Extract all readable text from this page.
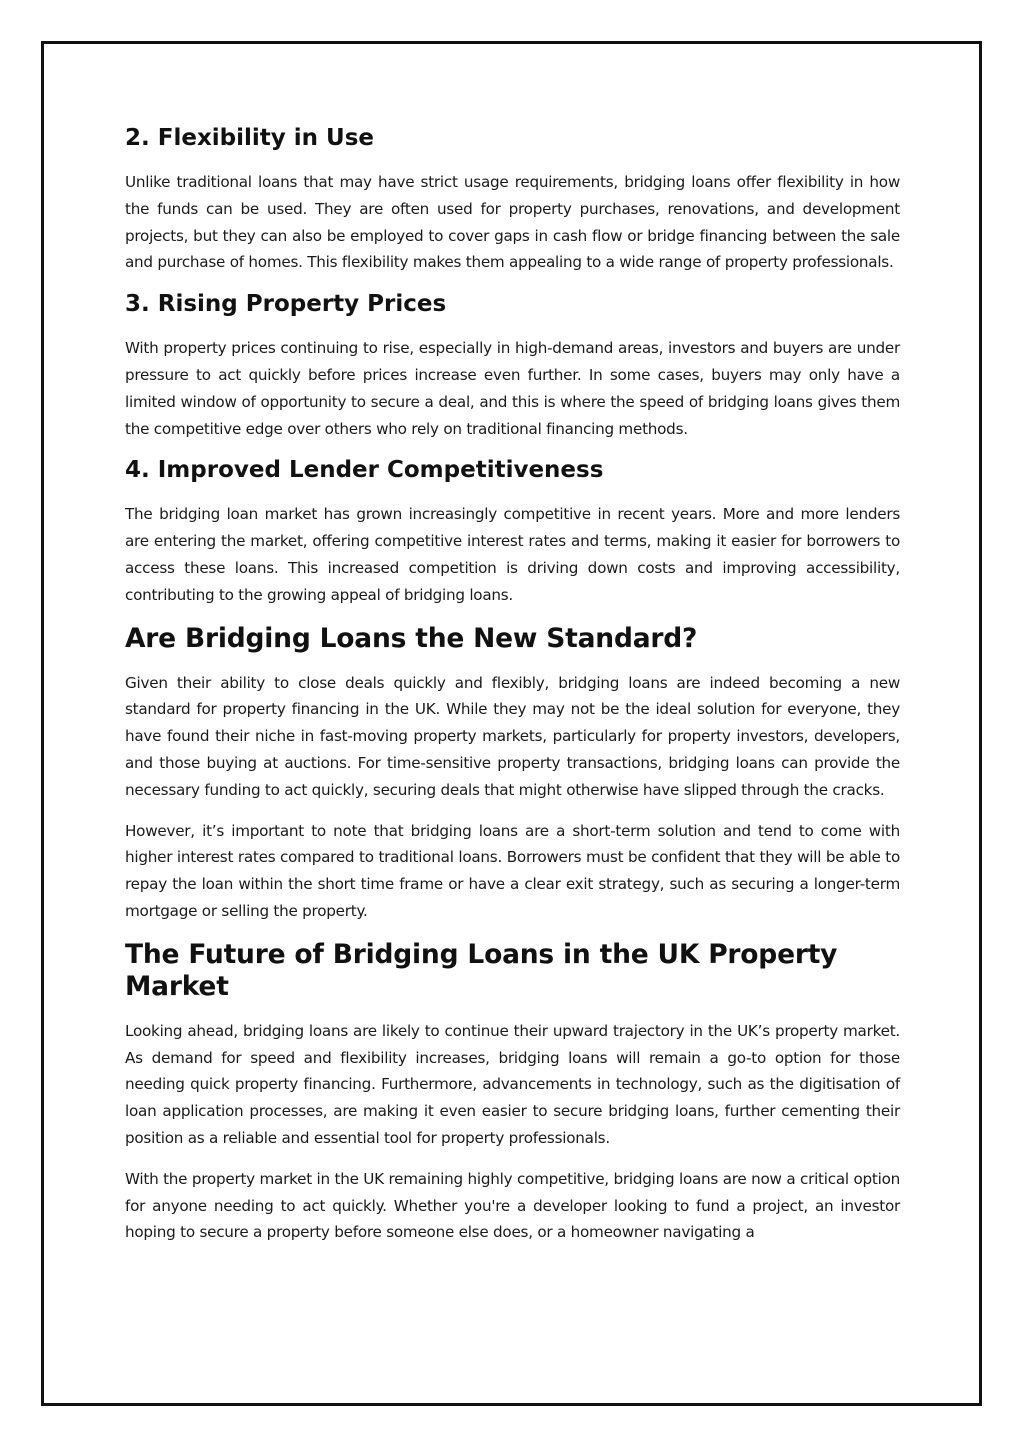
2. Flexibility in Use

Unlike traditional loans that may have strict usage requirements, bridging loans offer flexibility in how the funds can be used. They are often used for property purchases, renovations, and development projects, but they can also be employed to cover gaps in cash flow or bridge financing between the sale and purchase of homes. This flexibility makes them appealing to a wide range of property professionals.

3. Rising Property Prices

With property prices continuing to rise, especially in high-demand areas, investors and buyers are under pressure to act quickly before prices increase even further. In some cases, buyers may only have a limited window of opportunity to secure a deal, and this is where the speed of bridging loans gives them the competitive edge over others who rely on traditional financing methods.

4. Improved Lender Competitiveness

The bridging loan market has grown increasingly competitive in recent years. More and more lenders are entering the market, offering competitive interest rates and terms, making it easier for borrowers to access these loans. This increased competition is driving down costs and improving accessibility, contributing to the growing appeal of bridging loans.

Are Bridging Loans the New Standard?

Given their ability to close deals quickly and flexibly, bridging loans are indeed becoming a new standard for property financing in the UK. While they may not be the ideal solution for everyone, they have found their niche in fast-moving property markets, particularly for property investors, developers, and those buying at auctions. For time-sensitive property transactions, bridging loans can provide the necessary funding to act quickly, securing deals that might otherwise have slipped through the cracks.

However, it’s important to note that bridging loans are a short-term solution and tend to come with higher interest rates compared to traditional loans. Borrowers must be confident that they will be able to repay the loan within the short time frame or have a clear exit strategy, such as securing a longer-term mortgage or selling the property.

The Future of Bridging Loans in the UK Property Market

Looking ahead, bridging loans are likely to continue their upward trajectory in the UK’s property market. As demand for speed and flexibility increases, bridging loans will remain a go-to option for those needing quick property financing. Furthermore, advancements in technology, such as the digitisation of loan application processes, are making it even easier to secure bridging loans, further cementing their position as a reliable and essential tool for property professionals.

With the property market in the UK remaining highly competitive, bridging loans are now a critical option for anyone needing to act quickly. Whether you're a developer looking to fund a project, an investor hoping to secure a property before someone else does, or a homeowner navigating a
